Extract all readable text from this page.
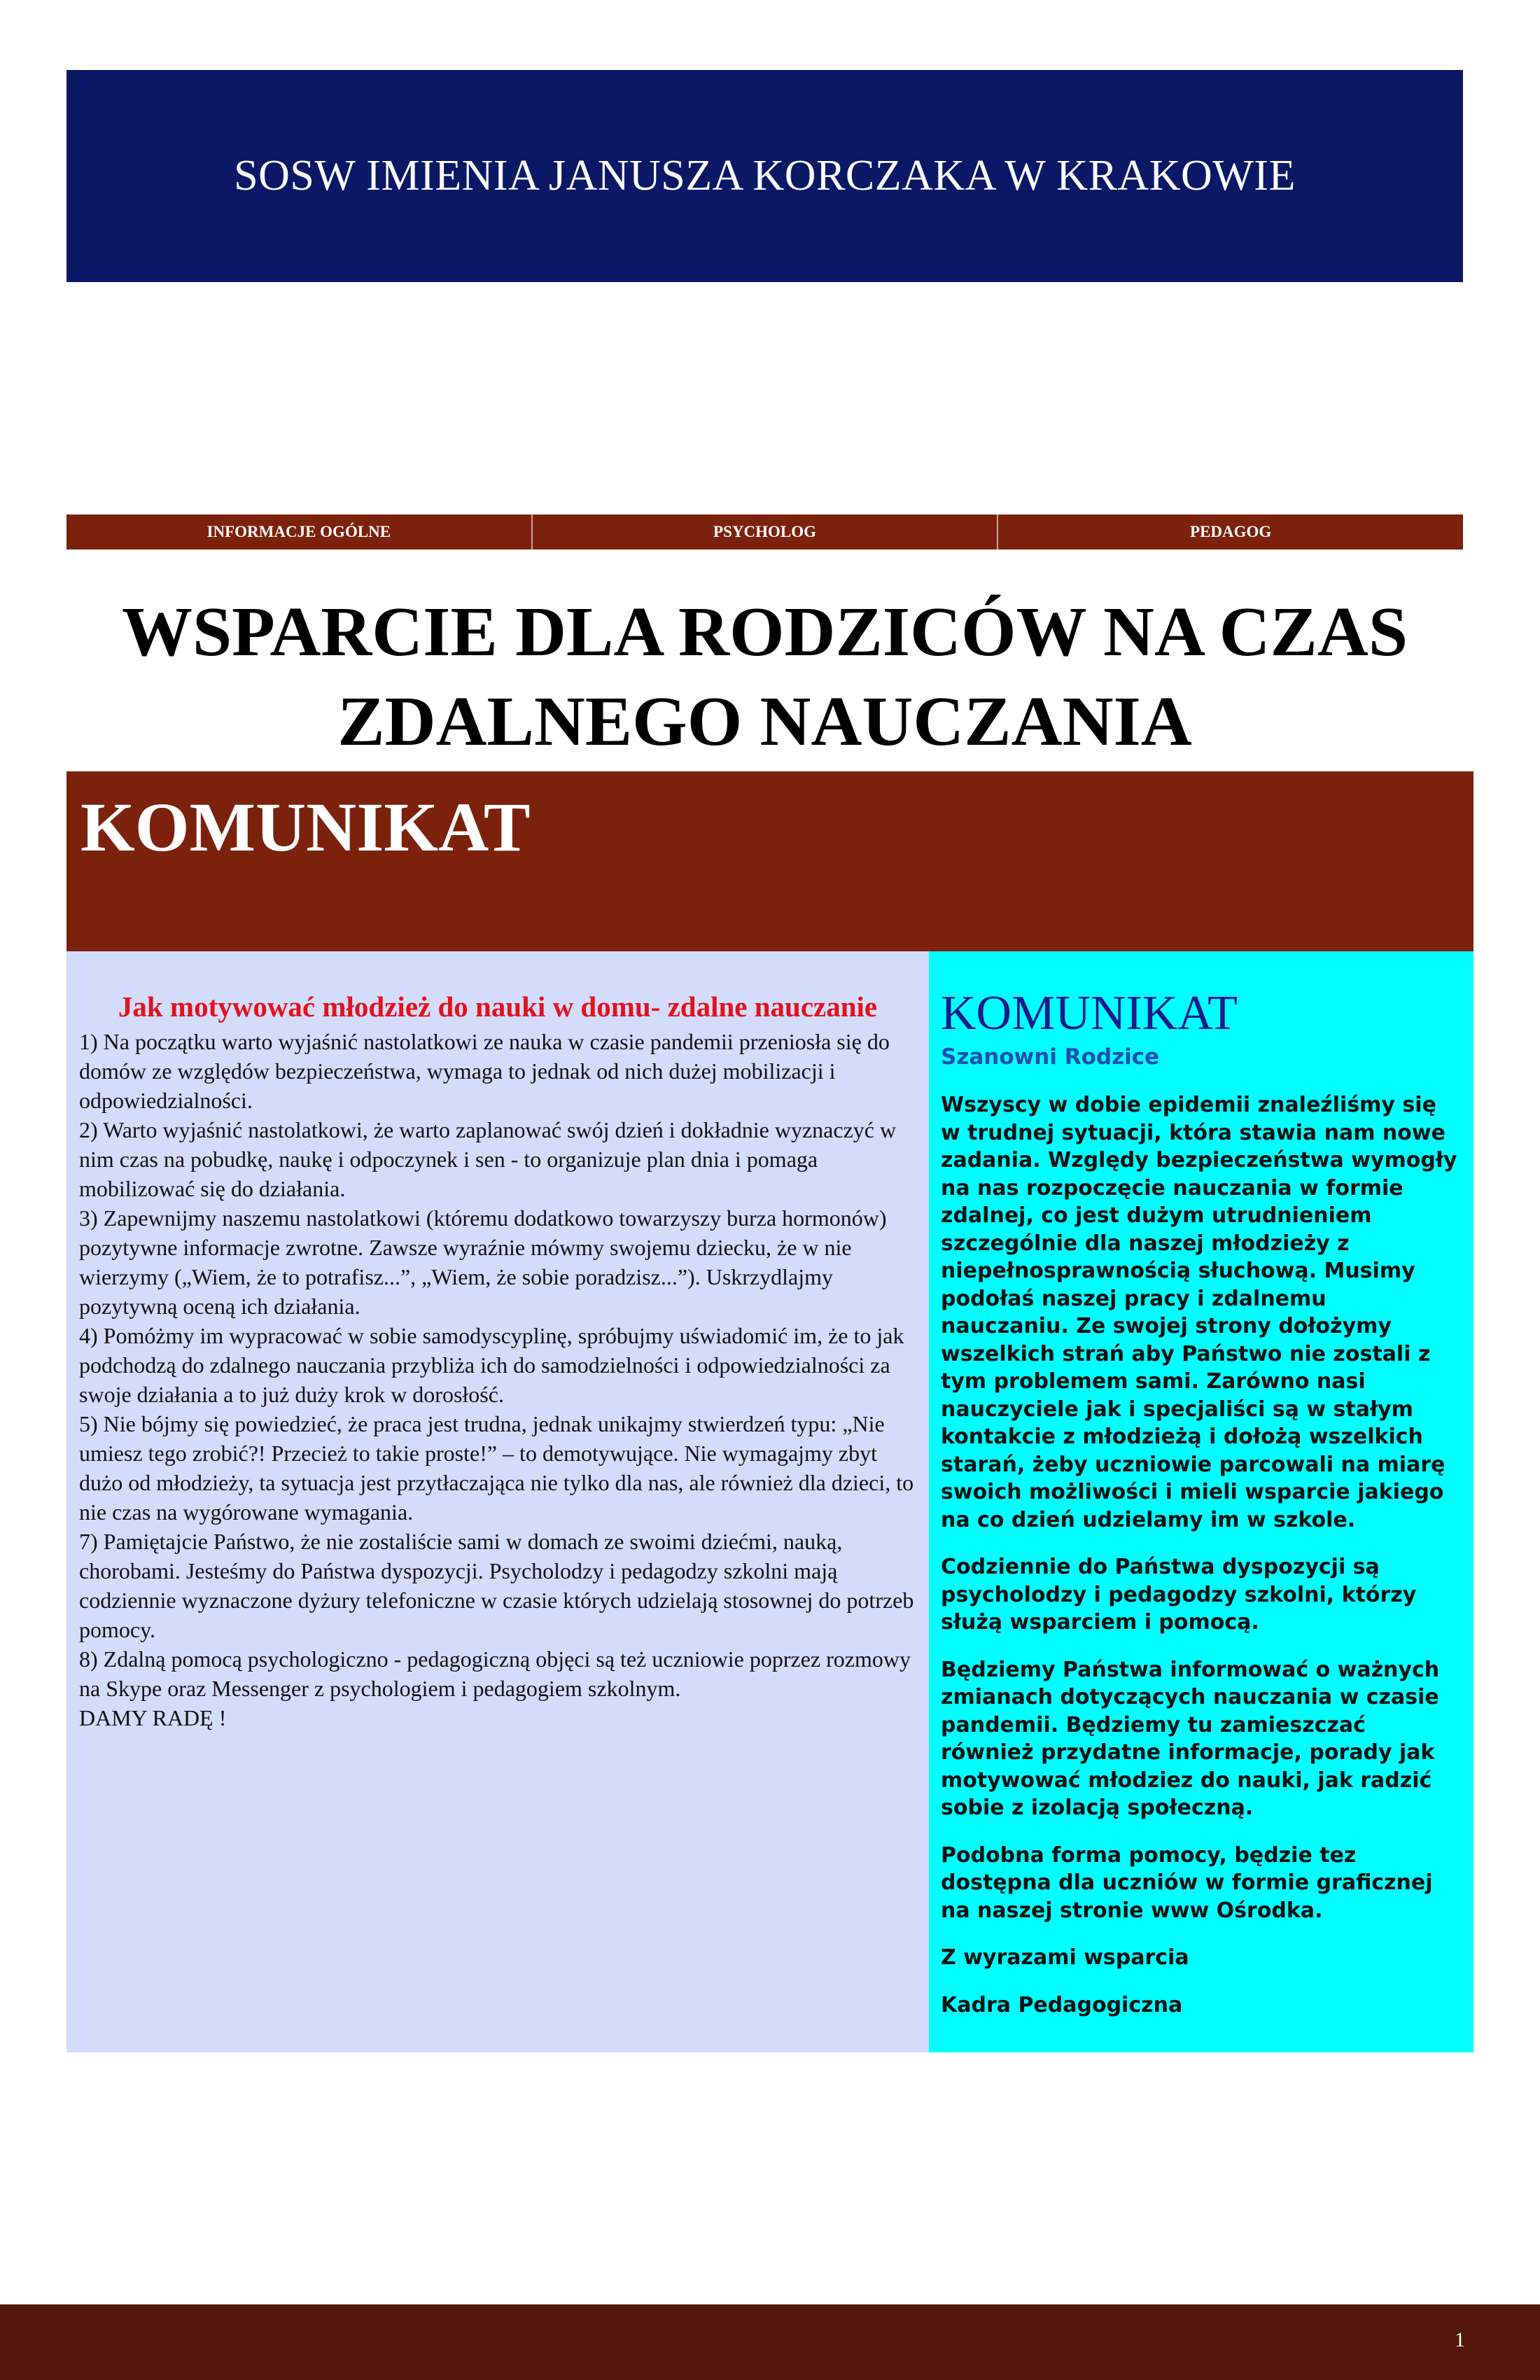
SOSW IMIENIA JANUSZA KORCZAKA W KRAKOWIE
INFORMACJE OGÓLNE	PSYCHOLOG	PEDAGOG
WSPARCIE DLA RODZICÓW NA CZAS
ZDALNEGO NAUCZANIA
KOMUNIKAT
Jak motywować młodzież do nauki w domu- zdalne nauczanie

1) Na początku warto wyjaśnić nastolatkowi ze nauka w czasie pandemii przeniosła się do domów ze względów bezpieczeństwa, wymaga to jednak od nich dużej mobilizacji i odpowiedzialności.

2) Warto wyjaśnić nastolatkowi, że warto zaplanować swój dzień i dokładnie wyznaczyć w nim czas na pobudkę, naukę i odpoczynek i sen - to organizuje plan dnia i pomaga mobilizować się do działania.

3) Zapewnijmy naszemu nastolatkowi (któremu dodatkowo towarzyszy burza hormonów) pozytywne informacje zwrotne. Zawsze wyraźnie mówmy swojemu dziecku, że w nie wierzymy („Wiem, że to potrafisz...”, „Wiem, że sobie poradzisz...”). Uskrzydlajmy pozytywną oceną ich działania.

4) Pomóżmy im wypracować w sobie samodyscyplinę, spróbujmy uświadomić im, że to jak podchodzą do zdalnego nauczania przybliża ich do samodzielności i odpowiedzialności za swoje działania a to już duży krok w dorosłość.

5) Nie bójmy się powiedzieć, że praca jest trudna, jednak unikajmy stwierdzeń typu: „Nie umiesz tego zrobić?! Przecież to takie proste!” – to demotywujące. Nie wymagajmy zbyt dużo od młodzieży, ta sytuacja jest przytłaczająca nie tylko dla nas, ale również dla dzieci, to nie czas na wygórowane wymagania.

7) Pamiętajcie Państwo, że nie zostaliście sami w domach ze swoimi dziećmi, nauką, chorobami. Jesteśmy do Państwa dyspozycji. Psycholodzy i pedagodzy szkolni mają codziennie wyznaczone dyżury telefoniczne w czasie których udzielają stosownej do potrzeb pomocy.

8) Zdalną pomocą psychologiczno - pedagogiczną objęci są też uczniowie poprzez rozmowy na Skype oraz Messenger z psychologiem i pedagogiem szkolnym.

DAMY RADĘ !

KOMUNIKAT
Szanowni Rodzice
Wszyscy w dobie epidemii znaleźliśmy się w trudnej sytuacji, która stawia nam nowe zadania. Względy bezpieczeństwa wymogły na nas rozpoczęcie nauczania w formie zdalnej, co jest dużym utrudnieniem szczególnie dla naszej młodzieży z niepełnosprawnością słuchową. Musimy podołaś naszej pracy i zdalnemu nauczaniu. Ze swojej strony dołożymy wszelkich strań aby Państwo nie zostali z tym problemem sami. Zarówno nasi nauczyciele jak i specjaliści są w stałym kontakcie z młodzieżą i dołożą wszelkich starań, żeby uczniowie parcowali na miarę swoich możliwości i mieli wsparcie jakiego na co dzień udzielamy im w szkole.
Codziennie do Państwa dyspozycji są psycholodzy i pedagodzy szkolni, którzy służą wsparciem i pomocą.
Będziemy Państwa informować o ważnych zmianach dotyczących nauczania w czasie pandemii. Będziemy tu zamieszczać również przydatne informacje, porady jak motywować młodziez do nauki, jak radzić sobie z izolacją społeczną.
Podobna forma pomocy, będzie tez dostępna dla uczniów w formie graficznej na naszej stronie www Ośrodka.
Z wyrazami wsparcia
Kadra Pedagogiczna
1
